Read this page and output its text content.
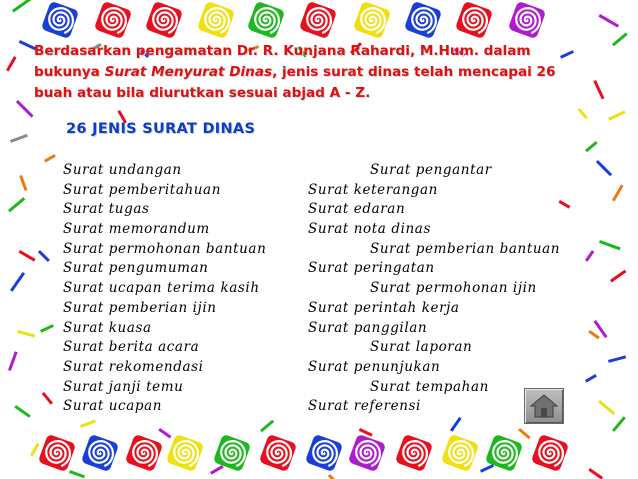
Berdasarkan pengamatan Dr. R. Kunjana Rahardi, M.Hum. dalam
bukunya Surat Menyurat Dinas, jenis surat dinas telah mencapai 26
buah atau bila diurutkan sesuai abjad A - Z.
26 JENIS SURAT DINAS
Surat undangan
Surat pemberitahuan
Surat tugas
Surat memorandum
Surat permohonan bantuan
Surat pengumuman
Surat ucapan terima kasih
Surat pemberian ijin
Surat kuasa
Surat berita acara
Surat rekomendasi
Surat janji temu
Surat ucapan
Surat pengantar
Surat keterangan
Surat edaran
Surat nota dinas
Surat pemberian bantuan
Surat peringatan
Surat permohonan ijin
Surat perintah kerja
Surat panggilan
Surat laporan
Surat penunjukan
Surat tempahan
Surat referensi
